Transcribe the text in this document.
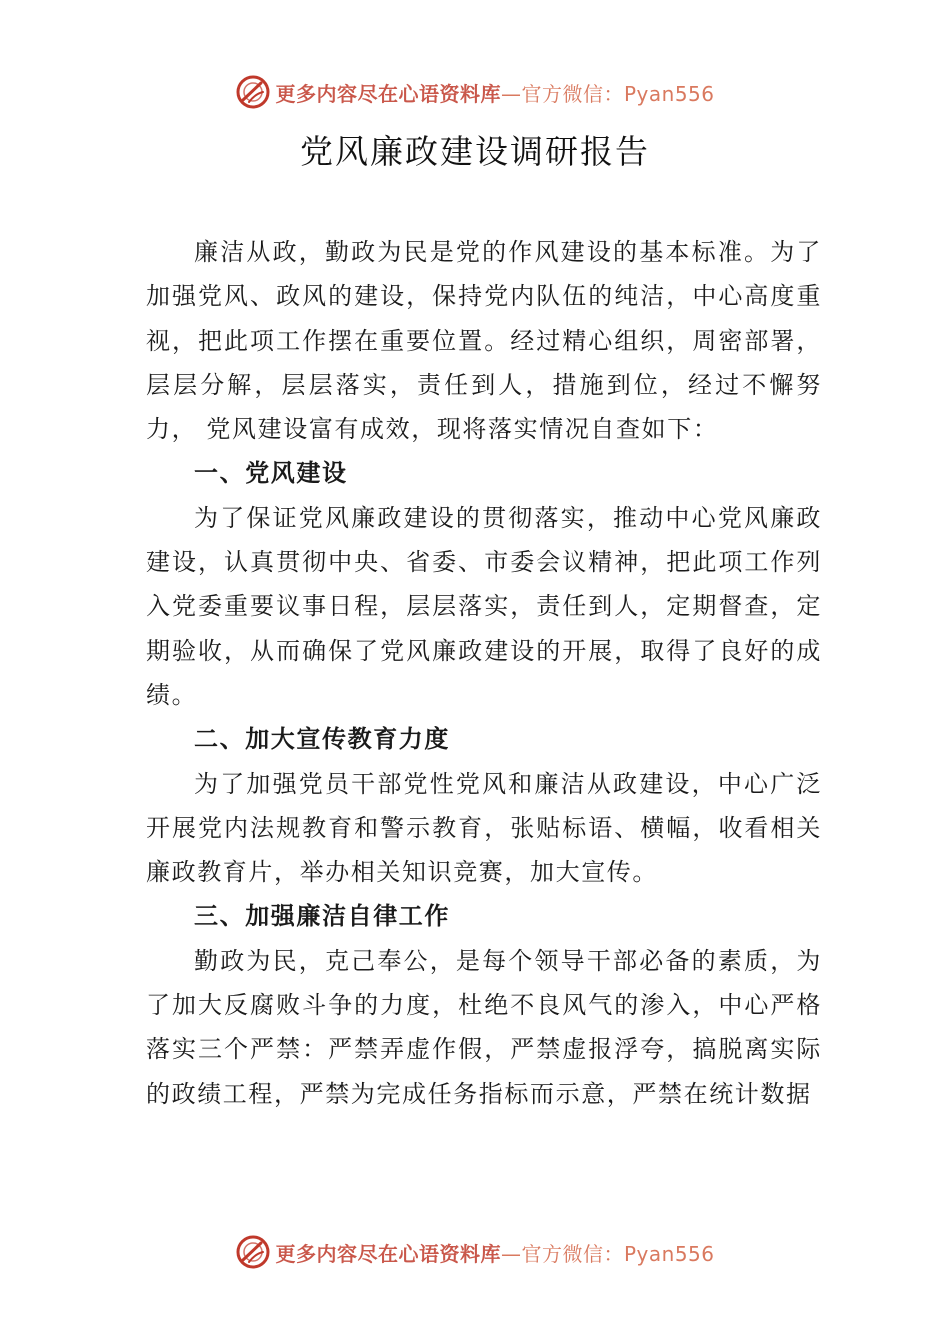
更多内容尽在心语资料库—官方微信：Pyan556
党风廉政建设调研报告

廉洁从政，勤政为民是党的作风建设的基本标准。为了加强党风、政风的建设，保持党内队伍的纯洁，中心高度重视，把此项工作摆在重要位置。经过精心组织，周密部署， 层层分解，层层落实，责任到人，措施到位，经过不懈努力， 党风建设富有成效，现将落实情况自查如下：

一、党风建设

为了保证党风廉政建设的贯彻落实，推动中心党风廉政建设，认真贯彻中央、省委、市委会议精神，把此项工作列入党委重要议事日程，层层落实，责任到人，定期督查，定期验收，从而确保了党风廉政建设的开展，取得了良好的成绩。

二、加大宣传教育力度

为了加强党员干部党性党风和廉洁从政建设，中心广泛开展党内法规教育和警示教育，张贴标语、横幅，收看相关廉政教育片，举办相关知识竞赛，加大宣传。

三、加强廉洁自律工作

勤政为民，克己奉公，是每个领导干部必备的素质，为了加大反腐败斗争的力度，杜绝不良风气的渗入，中心严格落实三个严禁：严禁弄虚作假，严禁虚报浮夸，搞脱离实际的政绩工程，严禁为完成任务指标而示意，严禁在统计数据

更多内容尽在心语资料库—官方微信：Pyan556
